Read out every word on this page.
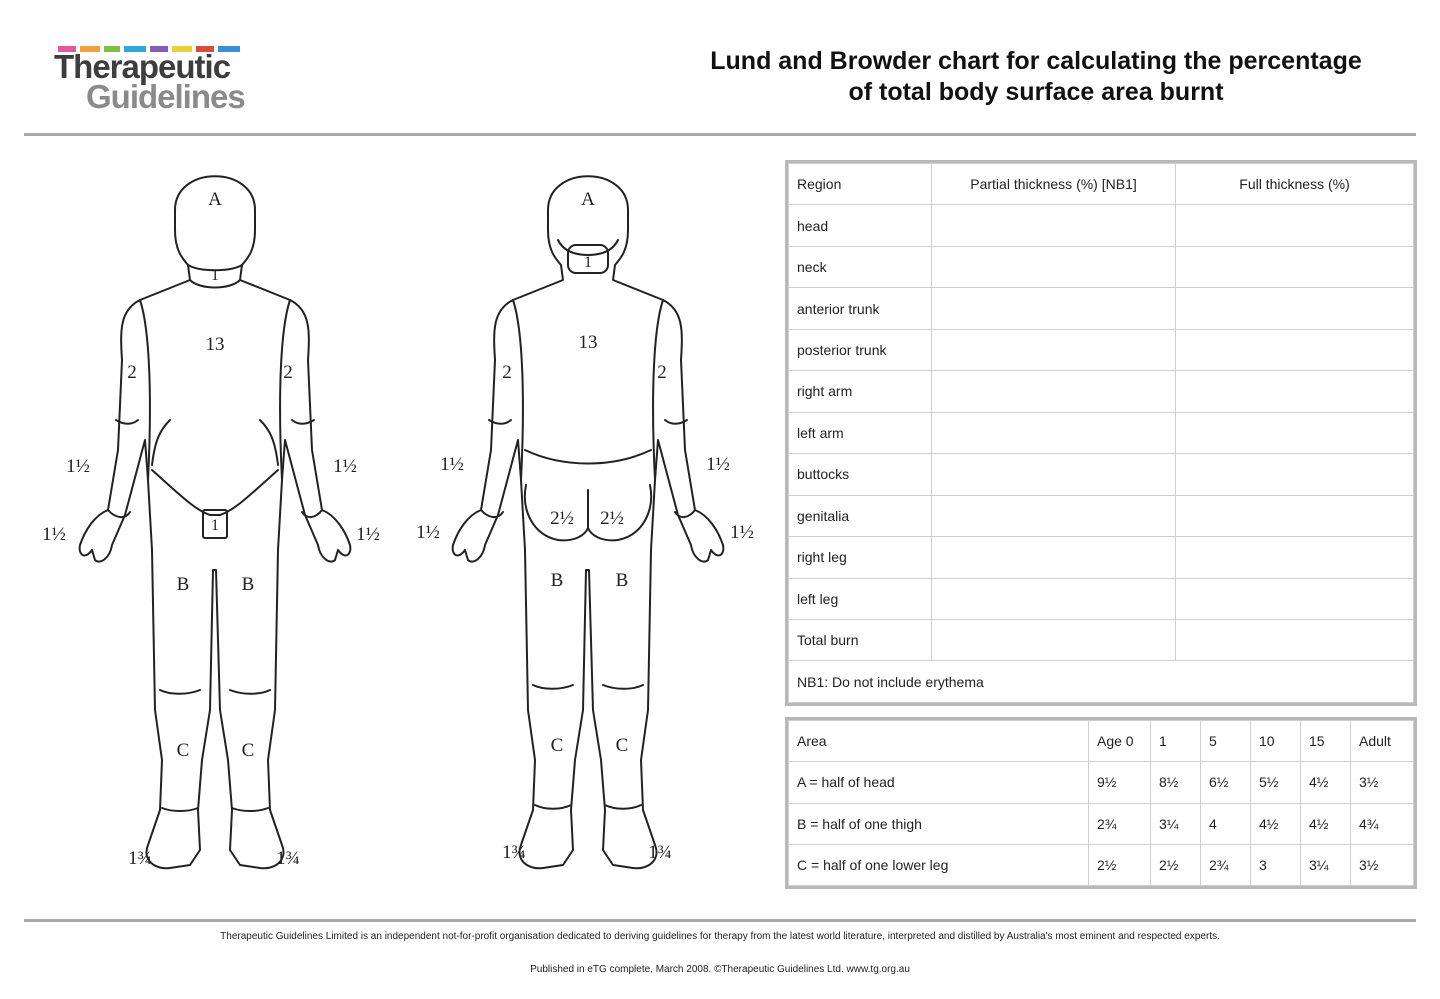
Therapeutic
Guidelines
Lund and Browder chart for calculating the percentage
of total body surface area burnt
A
1
13
2	2
1½	1½
1½	1½
1
B	B
C	C
1¾	1¾
A
1
13
2	2
1½	1½
1½	1½
2½ 2½
B	B
C	C
1¾	1¾
Region	Partial thickness (%) [NB1]	Full thickness (%)
head		
neck		
anterior trunk		
posterior trunk		
right arm		
left arm		
buttocks		
genitalia		
right leg		
left leg		
Total burn		
NB1: Do not include erythema		
Area	Age 0	1	5	10	15	Adult
A = half of head	9½	8½	6½	5½	4½	3½
B = half of one thigh	2¾	3¼	4	4½	4½	4¾
C = half of one lower leg	2½	2½	2¾	3	3¼	3½
Therapeutic Guidelines Limited is an independent not-for-profit organisation dedicated to deriving guidelines for therapy from the latest world literature, interpreted and distilled by Australia's most eminent and respected experts.
Published in eTG complete, March 2008. ©Therapeutic Guidelines Ltd. www.tg.org.au
